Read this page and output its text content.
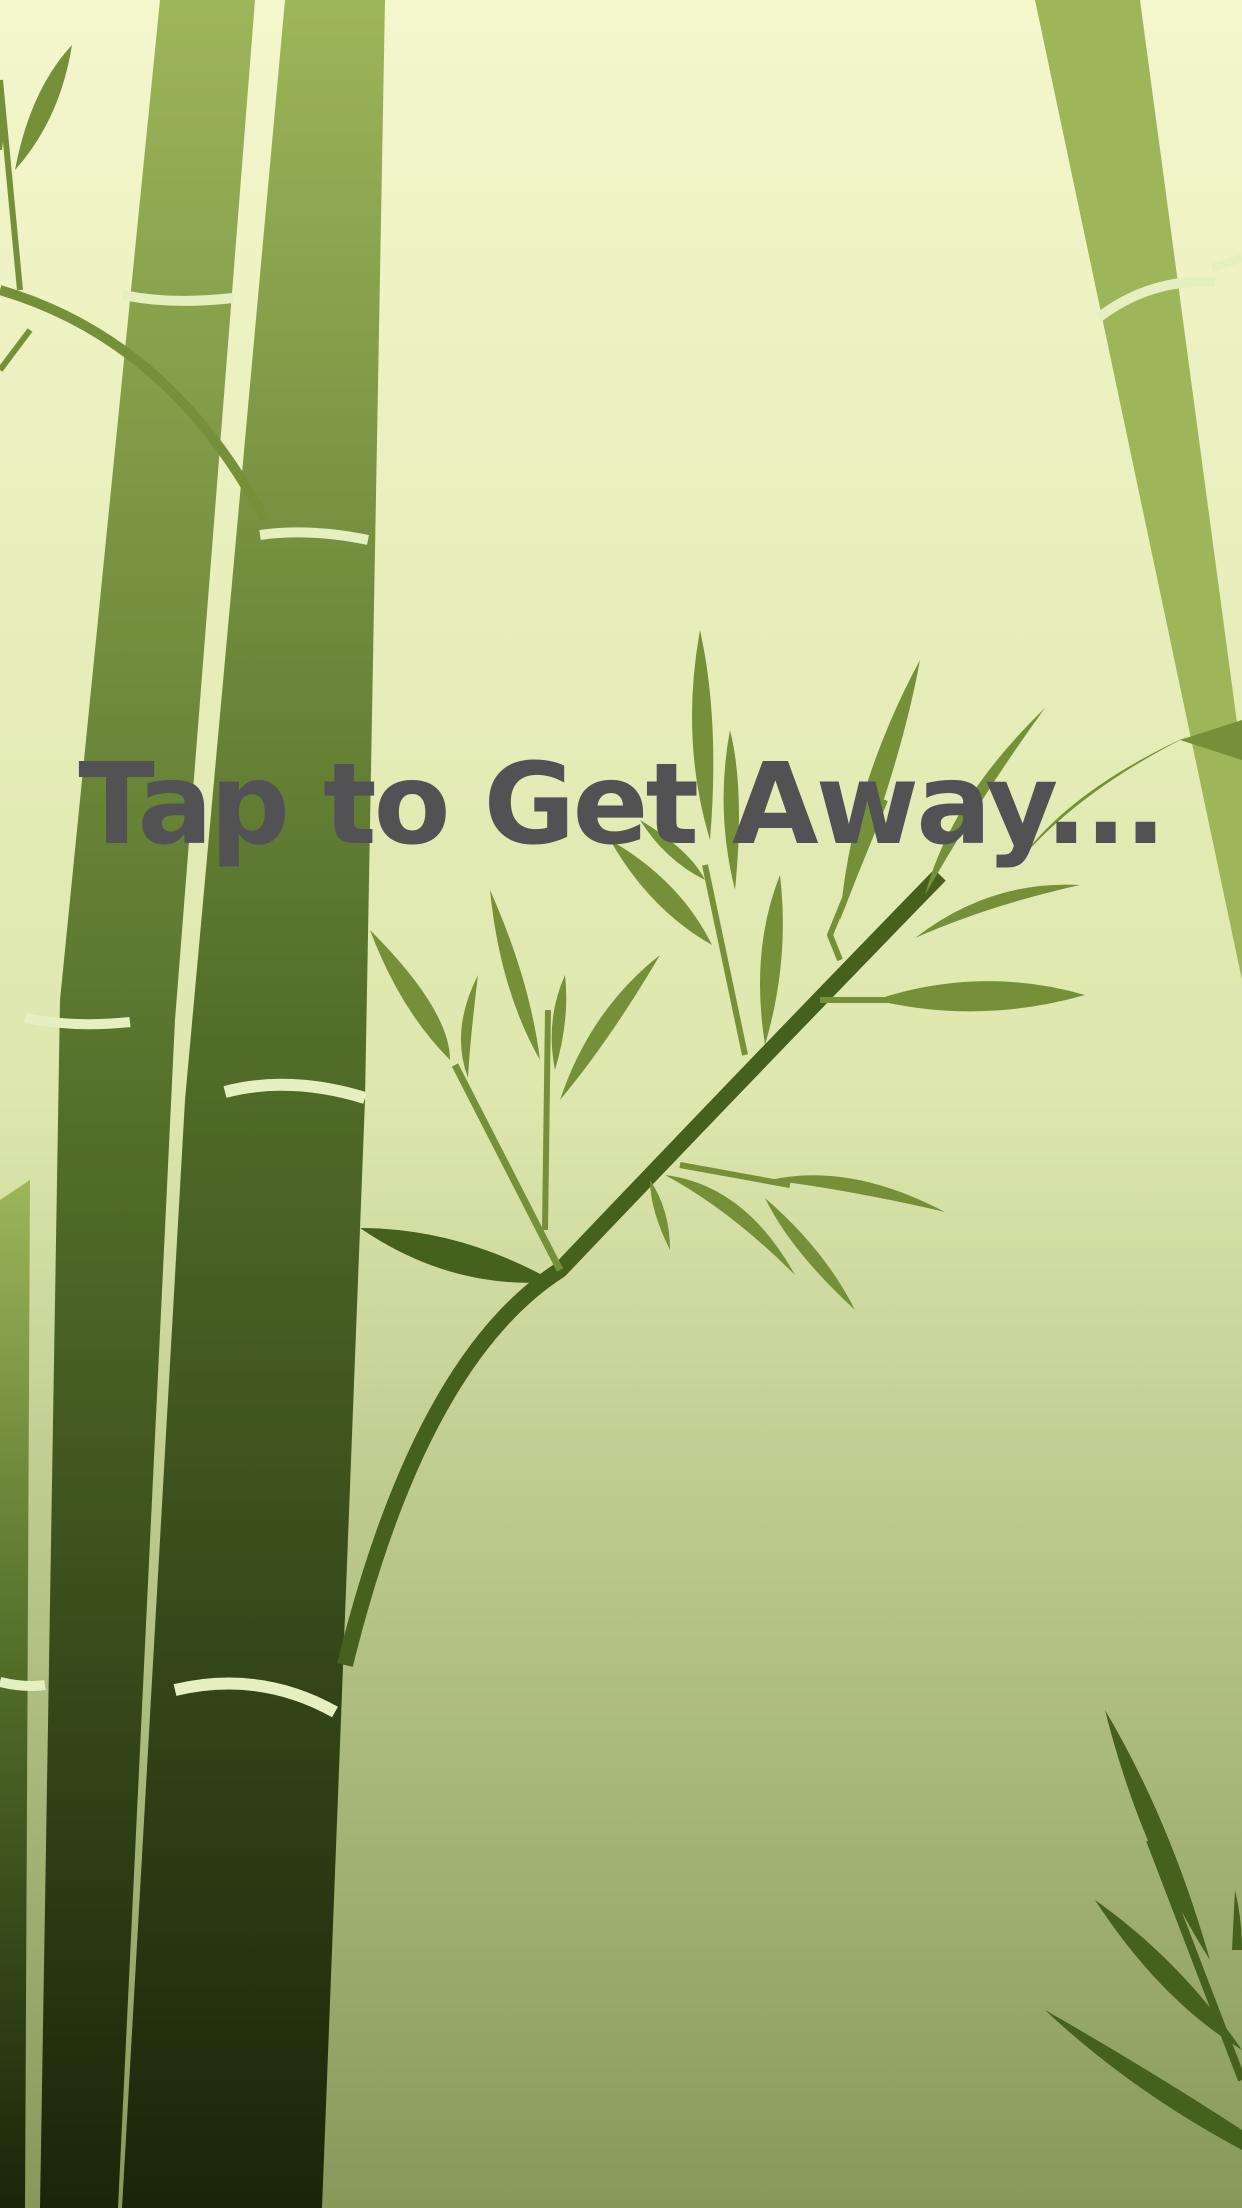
Tap to Get Away...
